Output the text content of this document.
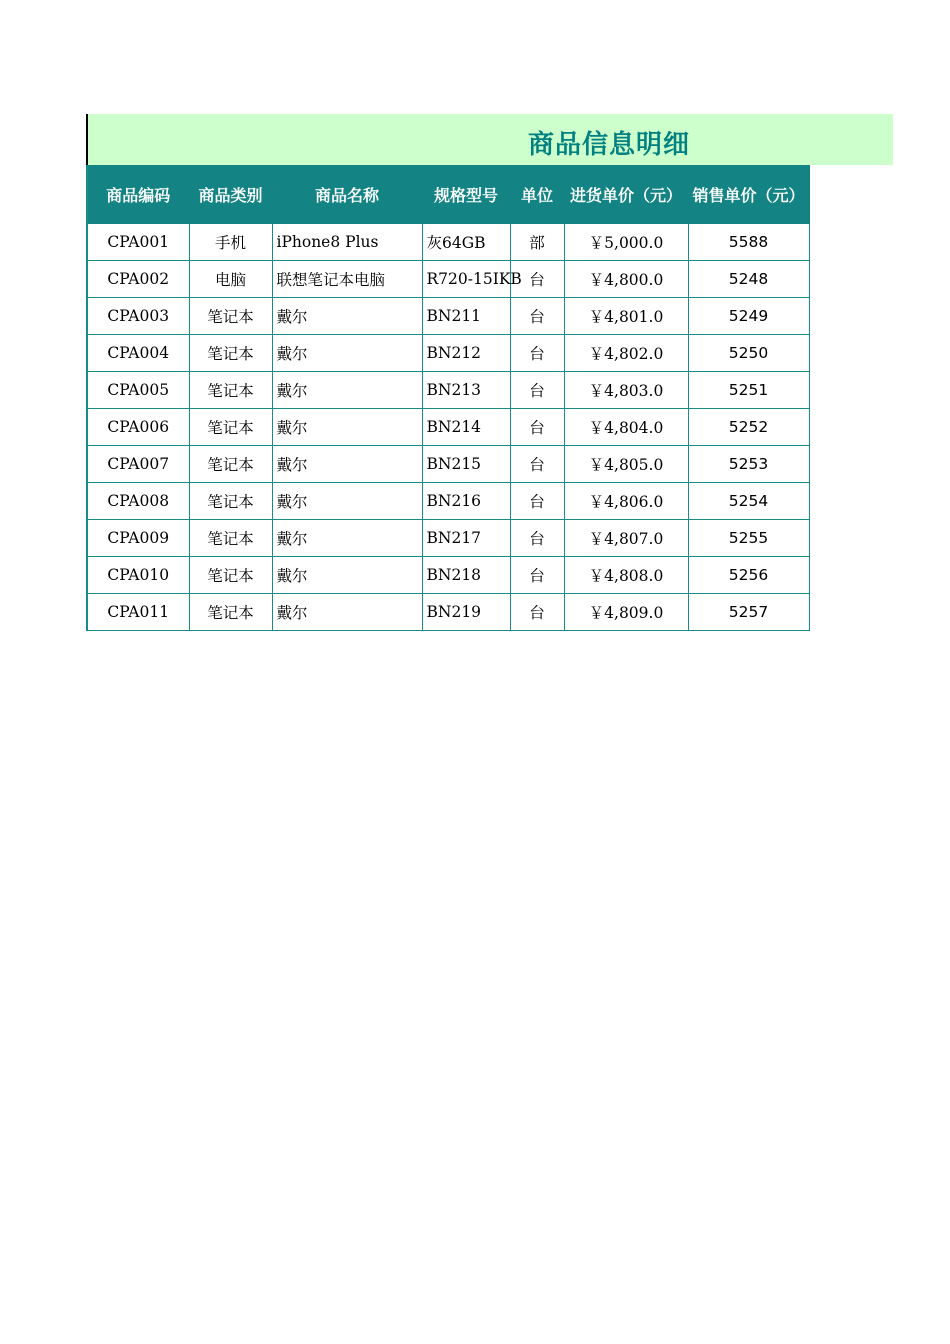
商品信息明细
商品编码	商品类别	商品名称	规格型号	单位	进货单价（元）	销售单价（元）
CPA001	手机	iPhone8 Plus	灰64GB	部	￥5,000.0	5588
CPA002	电脑	联想笔记本电脑	R720-15IKB	台	￥4,800.0	5248
CPA003	笔记本	戴尔	BN211	台	￥4,801.0	5249
CPA004	笔记本	戴尔	BN212	台	￥4,802.0	5250
CPA005	笔记本	戴尔	BN213	台	￥4,803.0	5251
CPA006	笔记本	戴尔	BN214	台	￥4,804.0	5252
CPA007	笔记本	戴尔	BN215	台	￥4,805.0	5253
CPA008	笔记本	戴尔	BN216	台	￥4,806.0	5254
CPA009	笔记本	戴尔	BN217	台	￥4,807.0	5255
CPA010	笔记本	戴尔	BN218	台	￥4,808.0	5256
CPA011	笔记本	戴尔	BN219	台	￥4,809.0	5257
